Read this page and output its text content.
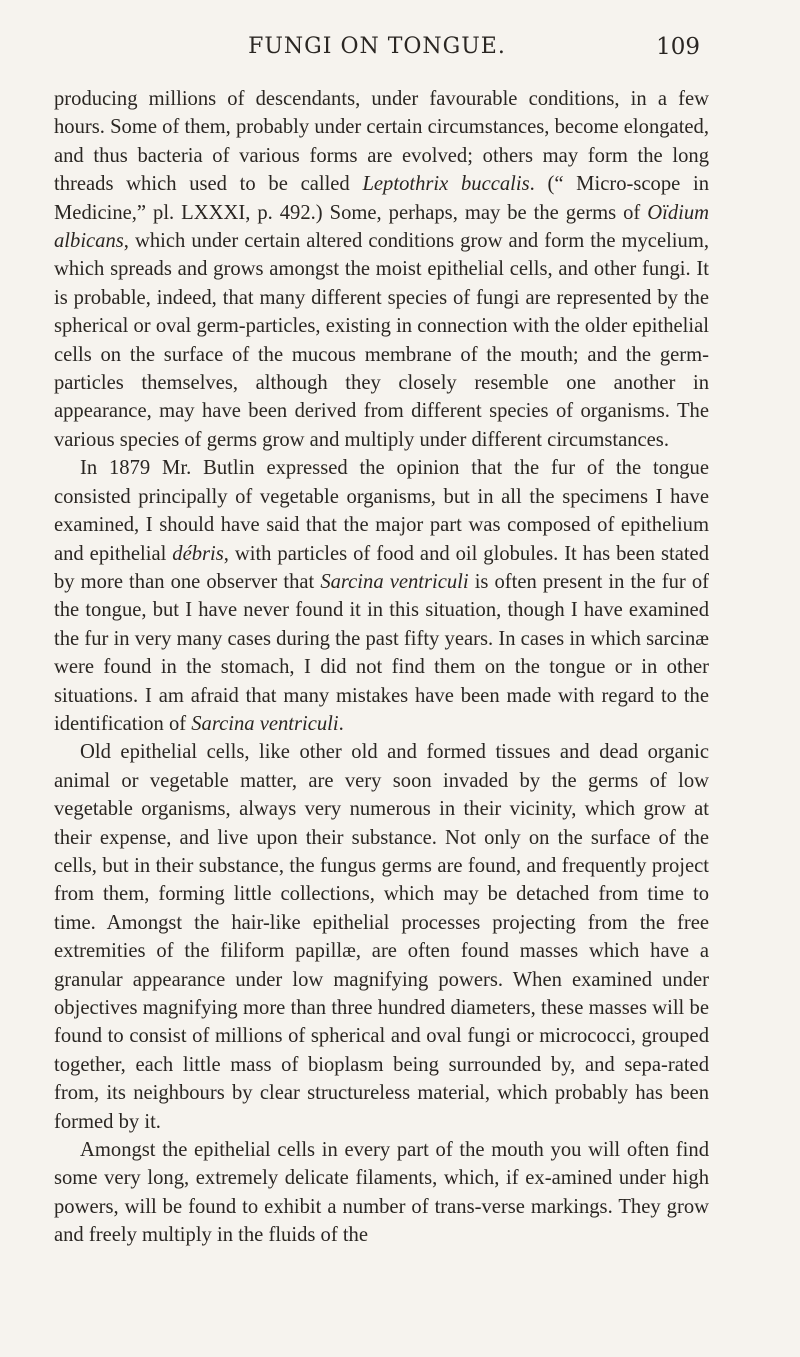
FUNGI ON TONGUE.	109

producing millions of descendants, under favourable conditions, in a few hours. Some of them, probably under certain circumstances, become elongated, and thus bacteria of various forms are evolved; others may form the long threads which used to be called Leptothrix buccalis. (“ Micro-scope in Medicine,” pl. LXXXI, p. 492.) Some, perhaps, may be the germs of Oïdium albicans, which under certain altered conditions grow and form the mycelium, which spreads and grows amongst the moist epithelial cells, and other fungi. It is probable, indeed, that many different species of fungi are represented by the spherical or oval germ-particles, existing in connection with the older epithelial cells on the surface of the mucous membrane of the mouth; and the germ-particles themselves, although they closely resemble one another in appearance, may have been derived from different species of organisms. The various species of germs grow and multiply under different circumstances.

In 1879 Mr. Butlin expressed the opinion that the fur of the tongue consisted principally of vegetable organisms, but in all the specimens I have examined, I should have said that the major part was composed of epithelium and epithelial débris, with particles of food and oil globules. It has been stated by more than one observer that Sarcina ventriculi is often present in the fur of the tongue, but I have never found it in this situation, though I have examined the fur in very many cases during the past fifty years. In cases in which sarcinæ were found in the stomach, I did not find them on the tongue or in other situations. I am afraid that many mistakes have been made with regard to the identification of Sarcina ventriculi.

Old epithelial cells, like other old and formed tissues and dead organic animal or vegetable matter, are very soon invaded by the germs of low vegetable organisms, always very numerous in their vicinity, which grow at their expense, and live upon their substance. Not only on the surface of the cells, but in their substance, the fungus germs are found, and frequently project from them, forming little collections, which may be detached from time to time. Amongst the hair-like epithelial processes projecting from the free extremities of the filiform papillæ, are often found masses which have a granular appearance under low magnifying powers. When examined under objectives magnifying more than three hundred diameters, these masses will be found to consist of millions of spherical and oval fungi or micrococci, grouped together, each little mass of bioplasm being surrounded by, and sepa-rated from, its neighbours by clear structureless material, which probably has been formed by it.

Amongst the epithelial cells in every part of the mouth you will often find some very long, extremely delicate filaments, which, if ex-amined under high powers, will be found to exhibit a number of trans-verse markings. They grow and freely multiply in the fluids of the
